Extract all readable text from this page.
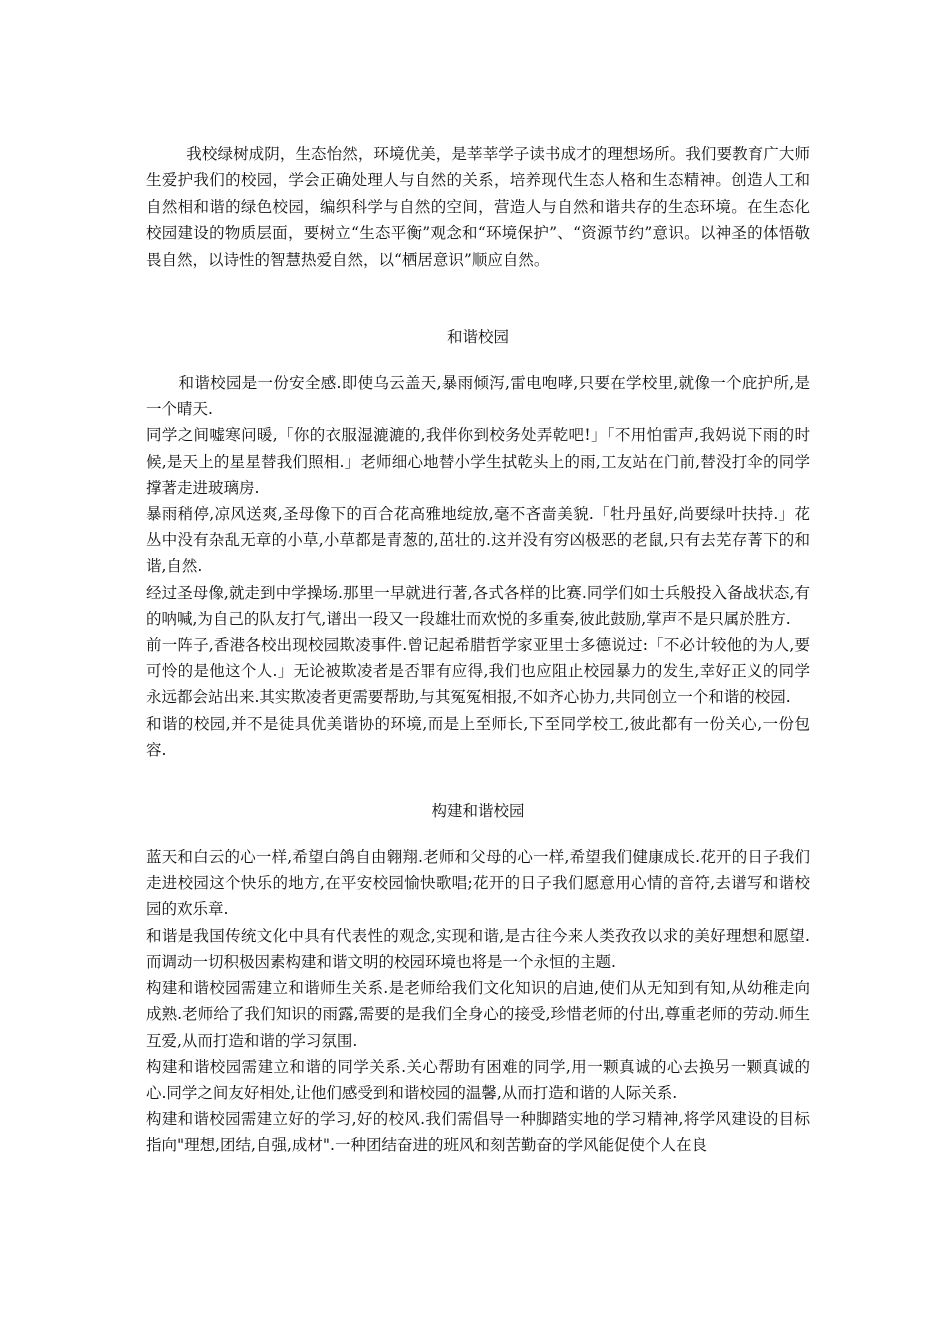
我校绿树成阴，生态怡然，环境优美，是莘莘学子读书成才的理想场所。我们要教育广大师生爱护我们的校园，学会正确处理人与自然的关系，培养现代生态人格和生态精神。创造人工和自然相和谐的绿色校园，编织科学与自然的空间，营造人与自然和谐共存的生态环境。在生态化校园建设的物质层面，要树立“生态平衡”观念和“环境保护”、“资源节约”意识。以神圣的体悟敬畏自然，以诗性的智慧热爱自然，以“栖居意识”顺应自然。

和谐校园

和谐校园是一份安全感.即使乌云盖天,暴雨倾泻,雷电咆哮,只要在学校里,就像一个庇护所,是一个晴天.

同学之间嘘寒问暖,「你的衣服湿漉漉的,我伴你到校务处弄乾吧!」「不用怕雷声,我妈说下雨的时候,是天上的星星替我们照相.」老师细心地替小学生拭乾头上的雨,工友站在门前,替没打伞的同学撑著走进玻璃房.

暴雨稍停,凉风送爽,圣母像下的百合花高雅地绽放,毫不吝啬美貌.「牡丹虽好,尚要绿叶扶持.」花丛中没有杂乱无章的小草,小草都是青葱的,茁壮的.这并没有穷凶极恶的老鼠,只有去芜存菁下的和谐,自然.

经过圣母像,就走到中学操场.那里一早就进行著,各式各样的比赛.同学们如士兵般投入备战状态,有的呐喊,为自己的队友打气,谱出一段又一段雄壮而欢悦的多重奏,彼此鼓励,掌声不是只属於胜方.

前一阵子,香港各校出现校园欺凌事件.曾记起希腊哲学家亚里士多德说过:「不必计较他的为人,要可怜的是他这个人.」无论被欺凌者是否罪有应得,我们也应阻止校园暴力的发生,幸好正义的同学永远都会站出来.其实欺凌者更需要帮助,与其冤冤相报,不如齐心协力,共同创立一个和谐的校园.

和谐的校园,并不是徒具优美谐协的环境,而是上至师长,下至同学校工,彼此都有一份关心,一份包容.

构建和谐校园

蓝天和白云的心一样,希望白鸽自由翱翔.老师和父母的心一样,希望我们健康成长.花开的日子我们走进校园这个快乐的地方,在平安校园愉快歌唱;花开的日子我们愿意用心情的音符,去谱写和谐校园的欢乐章.

和谐是我国传统文化中具有代表性的观念,实现和谐,是古往今来人类孜孜以求的美好理想和愿望.而调动一切积极因素构建和谐文明的校园环境也将是一个永恒的主题.

构建和谐校园需建立和谐师生关系.是老师给我们文化知识的启迪,使们从无知到有知,从幼稚走向成熟.老师给了我们知识的雨露,需要的是我们全身心的接受,珍惜老师的付出,尊重老师的劳动.师生互爱,从而打造和谐的学习氛围.

构建和谐校园需建立和谐的同学关系.关心帮助有困难的同学,用一颗真诚的心去换另一颗真诚的心.同学之间友好相处,让他们感受到和谐校园的温馨,从而打造和谐的人际关系.

构建和谐校园需建立好的学习,好的校风.我们需倡导一种脚踏实地的学习精神,将学风建设的目标指向"理想,团结,自强,成材".一种团结奋进的班风和刻苦勤奋的学风能促使个人在良
